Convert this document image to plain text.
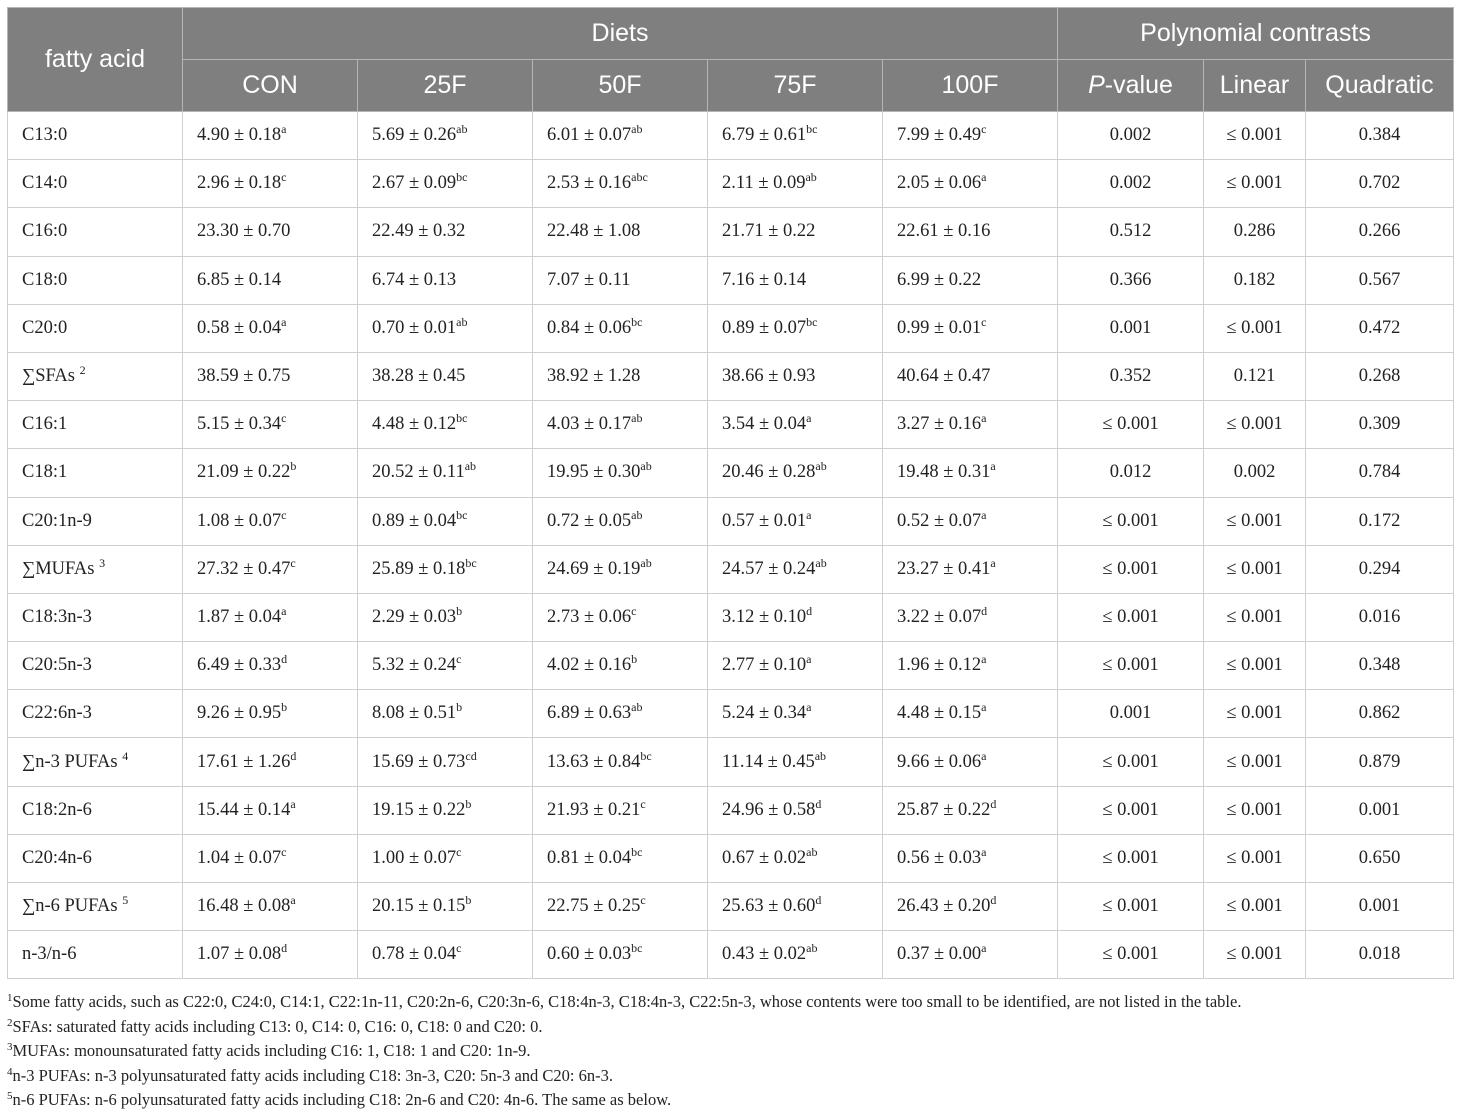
fatty acid	Diets					Polynomial contrasts		
	CON	25F	50F	75F	100F	P-value	Linear	Quadratic
C13:0	4.90 ± 0.18$^a$	5.69 ± 0.26$^{ab}$	6.01 ± 0.07$^{ab}$	6.79 ± 0.61$^{bc}$	7.99 ± 0.49$^c$	0.002	≤ 0.001	0.384
C14:0	2.96 ± 0.18$^c$	2.67 ± 0.09$^{bc}$	2.53 ± 0.16$^{abc}$	2.11 ± 0.09$^{ab}$	2.05 ± 0.06$^a$	0.002	≤ 0.001	0.702
C16:0	23.30 ± 0.70	22.49 ± 0.32	22.48 ± 1.08	21.71 ± 0.22	22.61 ± 0.16	0.512	0.286	0.266
C18:0	6.85 ± 0.14	6.74 ± 0.13	7.07 ± 0.11	7.16 ± 0.14	6.99 ± 0.22	0.366	0.182	0.567
C20:0	0.58 ± 0.04$^a$	0.70 ± 0.01$^{ab}$	0.84 ± 0.06$^{bc}$	0.89 ± 0.07$^{bc}$	0.99 ± 0.01$^c$	0.001	≤ 0.001	0.472
∑SFAs $^2$	38.59 ± 0.75	38.28 ± 0.45	38.92 ± 1.28	38.66 ± 0.93	40.64 ± 0.47	0.352	0.121	0.268
C16:1	5.15 ± 0.34$^c$	4.48 ± 0.12$^{bc}$	4.03 ± 0.17$^{ab}$	3.54 ± 0.04$^a$	3.27 ± 0.16$^a$	≤ 0.001	≤ 0.001	0.309
C18:1	21.09 ± 0.22$^b$	20.52 ± 0.11$^{ab}$	19.95 ± 0.30$^{ab}$	20.46 ± 0.28$^{ab}$	19.48 ± 0.31$^a$	0.012	0.002	0.784
C20:1n-9	1.08 ± 0.07$^c$	0.89 ± 0.04$^{bc}$	0.72 ± 0.05$^{ab}$	0.57 ± 0.01$^a$	0.52 ± 0.07$^a$	≤ 0.001	≤ 0.001	0.172
∑MUFAs $^3$	27.32 ± 0.47$^c$	25.89 ± 0.18$^{bc}$	24.69 ± 0.19$^{ab}$	24.57 ± 0.24$^{ab}$	23.27 ± 0.41$^a$	≤ 0.001	≤ 0.001	0.294
C18:3n-3	1.87 ± 0.04$^a$	2.29 ± 0.03$^b$	2.73 ± 0.06$^c$	3.12 ± 0.10$^d$	3.22 ± 0.07$^d$	≤ 0.001	≤ 0.001	0.016
C20:5n-3	6.49 ± 0.33$^d$	5.32 ± 0.24$^c$	4.02 ± 0.16$^b$	2.77 ± 0.10$^a$	1.96 ± 0.12$^a$	≤ 0.001	≤ 0.001	0.348
C22:6n-3	9.26 ± 0.95$^b$	8.08 ± 0.51$^b$	6.89 ± 0.63$^{ab}$	5.24 ± 0.34$^a$	4.48 ± 0.15$^a$	0.001	≤ 0.001	0.862
∑n-3 PUFAs $^4$	17.61 ± 1.26$^d$	15.69 ± 0.73$^{cd}$	13.63 ± 0.84$^{bc}$	11.14 ± 0.45$^{ab}$	9.66 ± 0.06$^a$	≤ 0.001	≤ 0.001	0.879
C18:2n-6	15.44 ± 0.14$^a$	19.15 ± 0.22$^b$	21.93 ± 0.21$^c$	24.96 ± 0.58$^d$	25.87 ± 0.22$^d$	≤ 0.001	≤ 0.001	0.001
C20:4n-6	1.04 ± 0.07$^c$	1.00 ± 0.07$^c$	0.81 ± 0.04$^{bc}$	0.67 ± 0.02$^{ab}$	0.56 ± 0.03$^a$	≤ 0.001	≤ 0.001	0.650
∑n-6 PUFAs $^5$	16.48 ± 0.08$^a$	20.15 ± 0.15$^b$	22.75 ± 0.25$^c$	25.63 ± 0.60$^d$	26.43 ± 0.20$^d$	≤ 0.001	≤ 0.001	0.001
n-3/n-6	1.07 ± 0.08$^d$	0.78 ± 0.04$^c$	0.60 ± 0.03$^{bc}$	0.43 ± 0.02$^{ab}$	0.37 ± 0.00$^a$	≤ 0.001	≤ 0.001	0.018
$^1$Some fatty acids, such as C22:0, C24:0, C14:1, C22:1n-11, C20:2n-6, C20:3n-6, C18:4n-3, C18:4n-3, C22:5n-3, whose contents were too small to be identified, are not listed in the table.
$^2$SFAs: saturated fatty acids including C13: 0, C14: 0, C16: 0, C18: 0 and C20: 0.
$^3$MUFAs: monounsaturated fatty acids including C16: 1, C18: 1 and C20: 1n-9.
$^4$n-3 PUFAs: n-3 polyunsaturated fatty acids including C18: 3n-3, C20: 5n-3 and C20: 6n-3.
$^5$n-6 PUFAs: n-6 polyunsaturated fatty acids including C18: 2n-6 and C20: 4n-6. The same as below.
